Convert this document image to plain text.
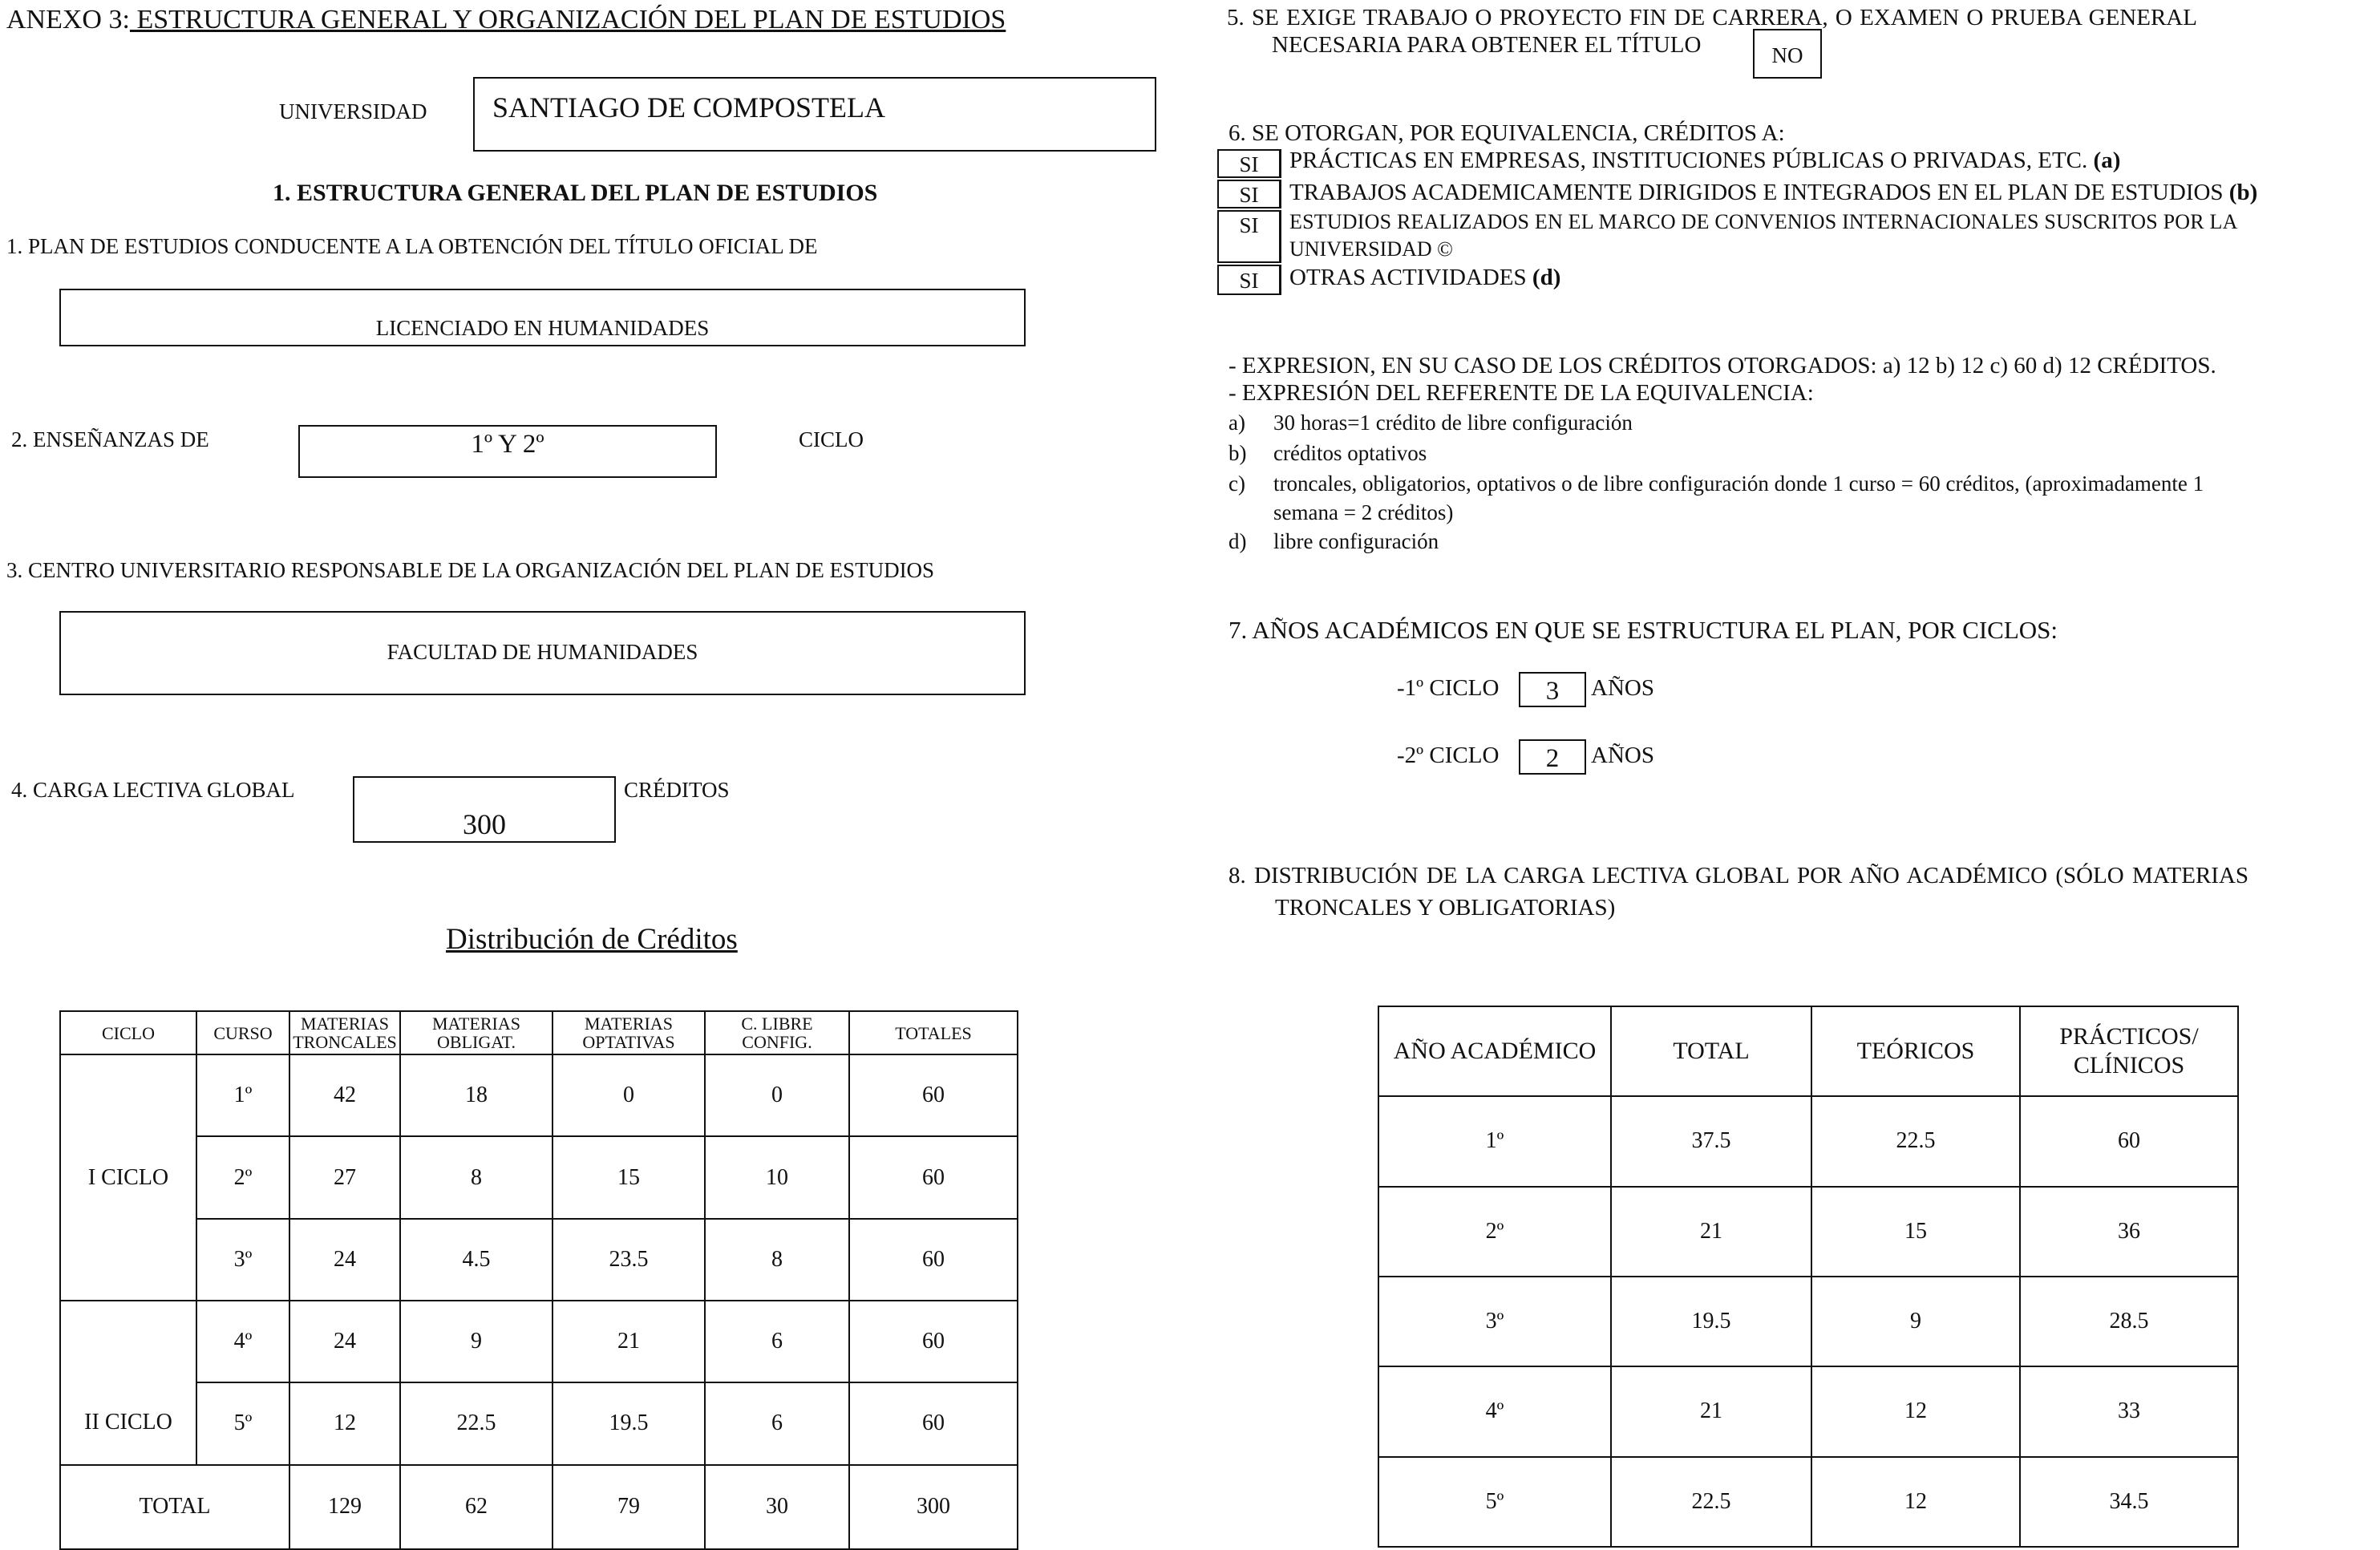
ANEXO 3: ESTRUCTURA GENERAL Y ORGANIZACIÓN DEL PLAN DE ESTUDIOS
UNIVERSIDAD SANTIAGO DE COMPOSTELA
1. ESTRUCTURA GENERAL DEL PLAN DE ESTUDIOS
1. PLAN DE ESTUDIOS CONDUCENTE A LA OBTENCIÓN DEL TÍTULO OFICIAL DE
LICENCIADO EN HUMANIDADES
2. ENSEÑANZAS DE	1º Y 2º	CICLO
3. CENTRO UNIVERSITARIO RESPONSABLE DE LA ORGANIZACIÓN DEL PLAN DE ESTUDIOS
FACULTAD DE HUMANIDADES
4. CARGA LECTIVA GLOBAL
300
CRÉDITOS
Distribución de Créditos
CICLO	CURSO	MATERIAS TRONCALES	MATERIAS OBLIGAT.	MATERIAS OPTATIVAS	C. LIBRE CONFIG.	TOTALES
I CICLO	1º	42	18	0	0	60
	2º	27	8	15	10	60
	3º	24	4.5	23.5	8	60
II CICLO	4º	24	9	21	6	60
	5º	12	22.5	19.5	6	60
TOTAL		129	62	79	30	300
5. SE EXIGE TRABAJO O PROYECTO FIN DE CARRERA, O EXAMEN O PRUEBA GENERAL
NECESARIA PARA OBTENER EL TÍTULO	NO
6. SE OTORGAN, POR EQUIVALENCIA, CRÉDITOS A:
SI	PRÁCTICAS EN EMPRESAS, INSTITUCIONES PÚBLICAS O PRIVADAS, ETC. (a)
SI	TRABAJOS ACADEMICAMENTE DIRIGIDOS E INTEGRADOS EN EL PLAN DE ESTUDIOS (b)
SI	ESTUDIOS REALIZADOS EN EL MARCO DE CONVENIOS INTERNACIONALES SUSCRITOS POR LA
UNIVERSIDAD ©
SI	OTRAS ACTIVIDADES (d)
- EXPRESION, EN SU CASO DE LOS CRÉDITOS OTORGADOS: a) 12 b) 12 c) 60 d) 12 CRÉDITOS.
- EXPRESIÓN DEL REFERENTE DE LA EQUIVALENCIA:
a) 30 horas=1 crédito de libre configuración
b) créditos optativos
c) troncales, obligatorios, optativos o de libre configuración donde 1 curso = 60 créditos, (aproximadamente 1
semana = 2 créditos)
d) libre configuración
7. AÑOS ACADÉMICOS EN QUE SE ESTRUCTURA EL PLAN, POR CICLOS:
-1º CICLO	3	AÑOS
-2º CICLO	2	AÑOS
8. DISTRIBUCIÓN DE LA CARGA LECTIVA GLOBAL POR AÑO ACADÉMICO (SÓLO MATERIAS
TRONCALES Y OBLIGATORIAS)
AÑO ACADÉMICO	TOTAL	TEÓRICOS	PRÁCTICOS/ CLÍNICOS
1º	37.5	22.5	60
2º	21	15	36
3º	19.5	9	28.5
4º	21	12	33
5º	22.5	12	34.5
